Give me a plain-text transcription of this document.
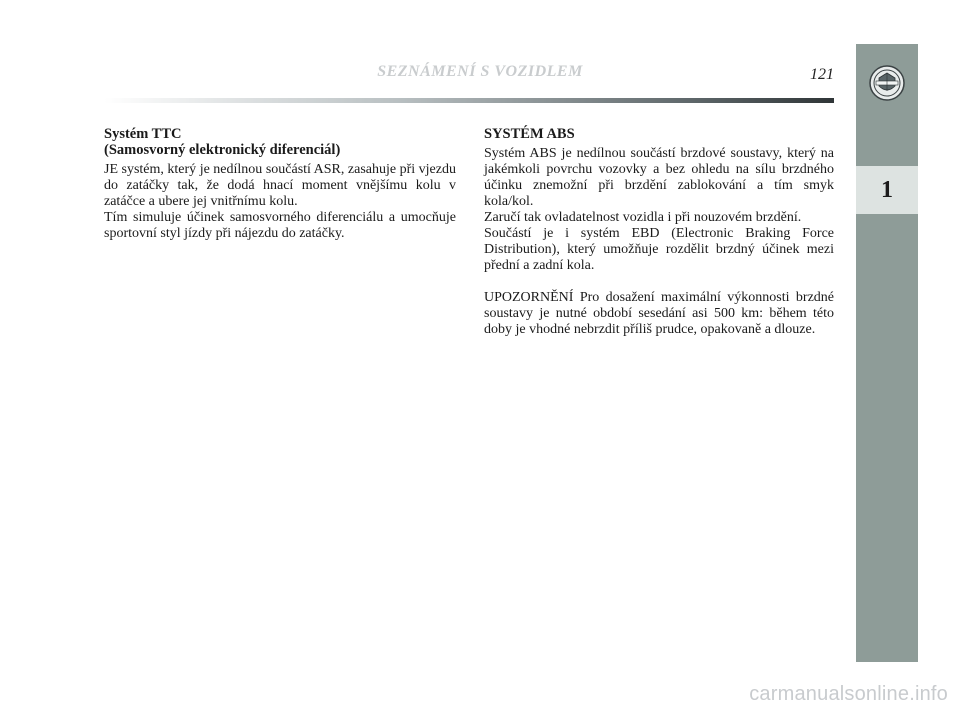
SEZNÁMENÍ S VOZIDLEM	121
1

Systém TTC

(Samosvorný elektronický diferenciál)

JE systém, který je nedílnou součástí ASR, zasahuje při vjezdu do zatáčky tak, že dodá hnací moment vnějšímu kolu v zatáčce a ubere jej vnitřnímu kolu.

Tím simuluje účinek samosvorného diferenciálu a umocňuje sportovní styl jízdy při nájezdu do zatáčky.

SYSTÉM ABS

Systém ABS je nedílnou součástí brzdové soustavy, který na jakémkoli povrchu vozovky a bez ohledu na sílu brzdného účinku znemožní při brzdění zablokování a tím smyk kola/kol.

Zaručí tak ovladatelnost vozidla i při nouzovém brzdění.

Součástí je i systém EBD (Electronic Braking Force Distribution), který umožňuje rozdělit brzdný účinek mezi přední a zadní kola.

UPOZORNĚNÍ Pro dosažení maximální výkonnosti brzdné soustavy je nutné období sesedání asi 500 km: během této doby je vhodné nebrzdit příliš prudce, opakovaně a dlouze.

carmanualsonline.info
